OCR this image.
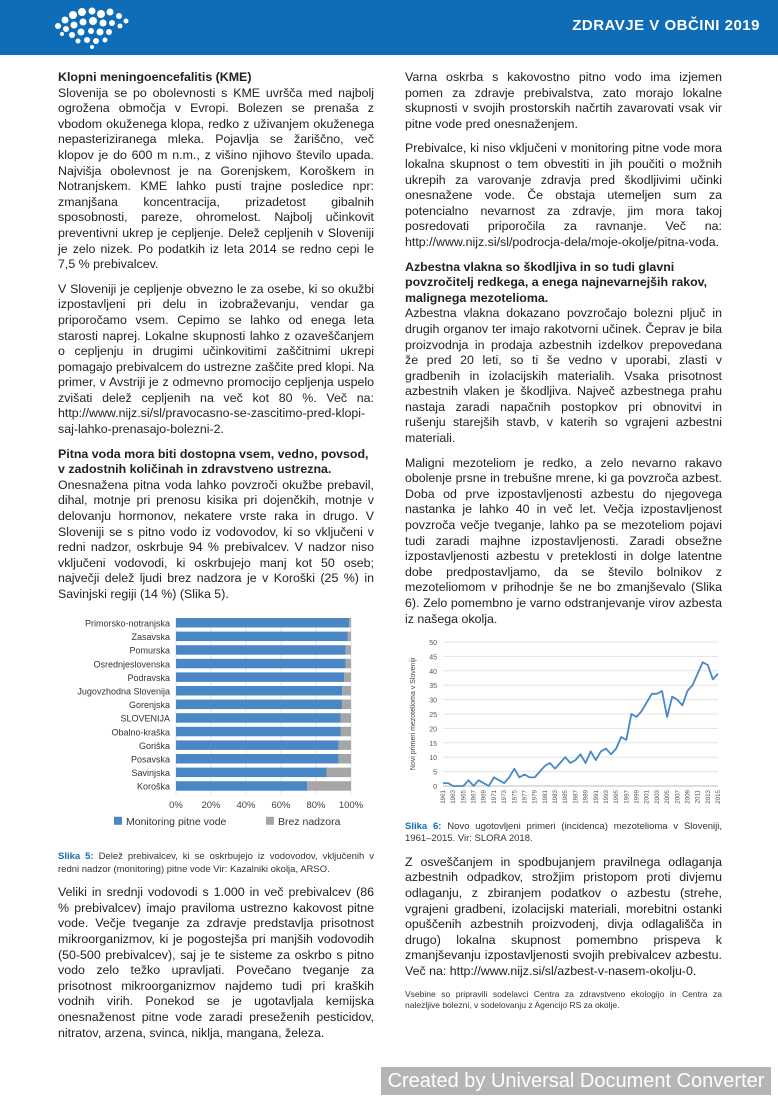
ZDRAVJE V OBČINI 2019
Klopni meningoencefalitis (KME)

Slovenija se po obolevnosti s KME uvršča med najbolj ogrožena območja v Evropi. Bolezen se prenaša z vbodom okuženega klopa, redko z uživanjem okuženega nepasteriziranega mleka. Pojavlja se žariščno, več klopov je do 600 m n.m., z višino njihovo število upada. Najvišja obolevnost je na Gorenjskem, Koroškem in Notranjskem. KME lahko pusti trajne posledice npr: zmanjšana koncentracija, prizadetost gibalnih sposobnosti, pareze, ohromelost. Najbolj učinkovit preventivni ukrep je cepljenje. Delež cepljenih v Sloveniji je zelo nizek. Po podatkih iz leta 2014 se redno cepi le 7,5 % prebivalcev.

V Sloveniji je cepljenje obvezno le za osebe, ki so okužbi izpostavljeni pri delu in izobraževanju, vendar ga priporočamo vsem. Cepimo se lahko od enega leta starosti naprej. Lokalne skupnosti lahko z ozaveščanjem o cepljenju in drugimi učinkovitimi zaščitnimi ukrepi pomagajo prebivalcem do ustrezne zaščite pred klopi. Na primer, v Avstriji je z odmevno promocijo cepljenja uspelo zvišati delež cepljenih na več kot 80 %. Več na: http://www.nijz.si/sl/pravocasno-se-zascitimo-pred-klopi-saj-lahko-prenasajo-bolezni-2.

Pitna voda mora biti dostopna vsem, vedno, povsod, v zadostnih količinah in zdravstveno ustrezna.

Onesnažena pitna voda lahko povzroči okužbe prebavil, dihal, motnje pri prenosu kisika pri dojenčkih, motnje v delovanju hormonov, nekatere vrste raka in drugo. V Sloveniji se s pitno vodo iz vodovodov, ki so vključeni v redni nadzor, oskrbuje 94 % prebivalcev. V nadzor niso vključeni vodovodi, ki oskrbujejo manj kot 50 oseb; največji delež ljudi brez nadzora je v Koroški (25 %) in Savinjski regiji (14 %) (Slika 5).

0% 20% 40% 60% 80% 100%
Primorsko-notranjska
Zasavska
Pomurska
Osrednjeslovenska
Podravska
Jugovzhodna Slovenija
Gorenjska
SLOVENIJA
Obalno-kraška
Goriška
Posavska
Savinjska
Koroška
Monitoring pitne vode	Brez nadzora

Slika 5: Delež prebivalcev, ki se oskrbujejo iz vodovodov, vključenih v redni nadzor (monitoring) pitne vode Vir: Kazalniki okolja, ARSO.

Veliki in srednji vodovodi s 1.000 in več prebivalcev (86 % prebivalcev) imajo praviloma ustrezno kakovost pitne vode. Večje tveganje za zdravje predstavlja prisotnost mikroorganizmov, ki je pogostejša pri manjših vodovodih (50-500 prebivalcev), saj je te sisteme za oskrbo s pitno vodo zelo težko upravljati. Povečano tveganje za prisotnost mikroorganizmov najdemo tudi pri kraških vodnih virih. Ponekod se je ugotavljala kemijska onesnaženost pitne vode zaradi preseženih pesticidov, nitratov, arzena, svinca, niklja, mangana, železa.

Varna oskrba s kakovostno pitno vodo ima izjemen pomen za zdravje prebivalstva, zato morajo lokalne skupnosti v svojih prostorskih načrtih zavarovati vsak vir pitne vode pred onesnaženjem.

Prebivalce, ki niso vključeni v monitoring pitne vode mora lokalna skupnost o tem obvestiti in jih poučiti o možnih ukrepih za varovanje zdravja pred škodljivimi učinki onesnažene vode. Če obstaja utemeljen sum za potencialno nevarnost za zdravje, jim mora takoj posredovati priporočila za ravnanje. Več na: http://www.nijz.si/sl/podrocja-dela/moje-okolje/pitna-voda.

Azbestna vlakna so škodljiva in so tudi glavni povzročitelj redkega, a enega najnevarnejših rakov, malignega mezotelioma.

Azbestna vlakna dokazano povzročajo bolezni pljuč in drugih organov ter imajo rakotvorni učinek. Čeprav je bila proizvodnja in prodaja azbestnih izdelkov prepovedana že pred 20 leti, so ti še vedno v uporabi, zlasti v gradbenih in izolacijskih materialih. Vsaka prisotnost azbestnih vlaken je škodljiva. Največ azbestnega prahu nastaja zaradi napačnih postopkov pri obnovitvi in rušenju starejših stavb, v katerih so vgrajeni azbestni materiali.

Maligni mezoteliom je redko, a zelo nevarno rakavo obolenje prsne in trebušne mrene, ki ga povzroča azbest. Doba od prve izpostavljenosti azbestu do njegovega nastanka je lahko 40 in več let. Večja izpostavljenost povzroča večje tveganje, lahko pa se mezoteliom pojavi tudi zaradi majhne izpostavljenosti. Zaradi obsežne izpostavljenosti azbestu v preteklosti in dolge latentne dobe predpostavljamo, da se število bolnikov z mezoteliomom v prihodnje še ne bo zmanjševalo (Slika 6). Zelo pomembno je varno odstranjevanje virov azbesta iz našega okolja.

0
5
10
15
20
25
30
35
40
45
50
1961 1963 1965 1967 1969 1971 1973 1975 1977 1979 1981 1983 1985 1987 1989 1991 1993 1995 1997 1999 2001 2003 2005 2007 2009 2011 2013 2015
Novi primeri mezotelioma v Sloveniji

Slika 6: Novo ugotovljeni primeri (incidenca) mezotelioma v Sloveniji, 1961–2015. Vir: SLORA 2018.

Z osveščanjem in spodbujanjem pravilnega odlaganja azbestnih odpadkov, strožjim pristopom proti divjemu odlaganju, z zbiranjem podatkov o azbestu (strehe, vgrajeni gradbeni, izolacijski materiali, morebitni ostanki opuščenih azbestnih proizvodenj, divja odlagališča in drugo) lokalna skupnost pomembno prispeva k zmanjševanju izpostavljenosti svojih prebivalcev azbestu. Več na: http://www.nijz.si/sl/azbest-v-nasem-okolju-0.

Vsebine so pripravili sodelavci Centra za zdravstveno ekologijo in Centra za nalezljive bolezni, v sodelovanju z Agencijo RS za okolje.

Created by Universal Document Converter
